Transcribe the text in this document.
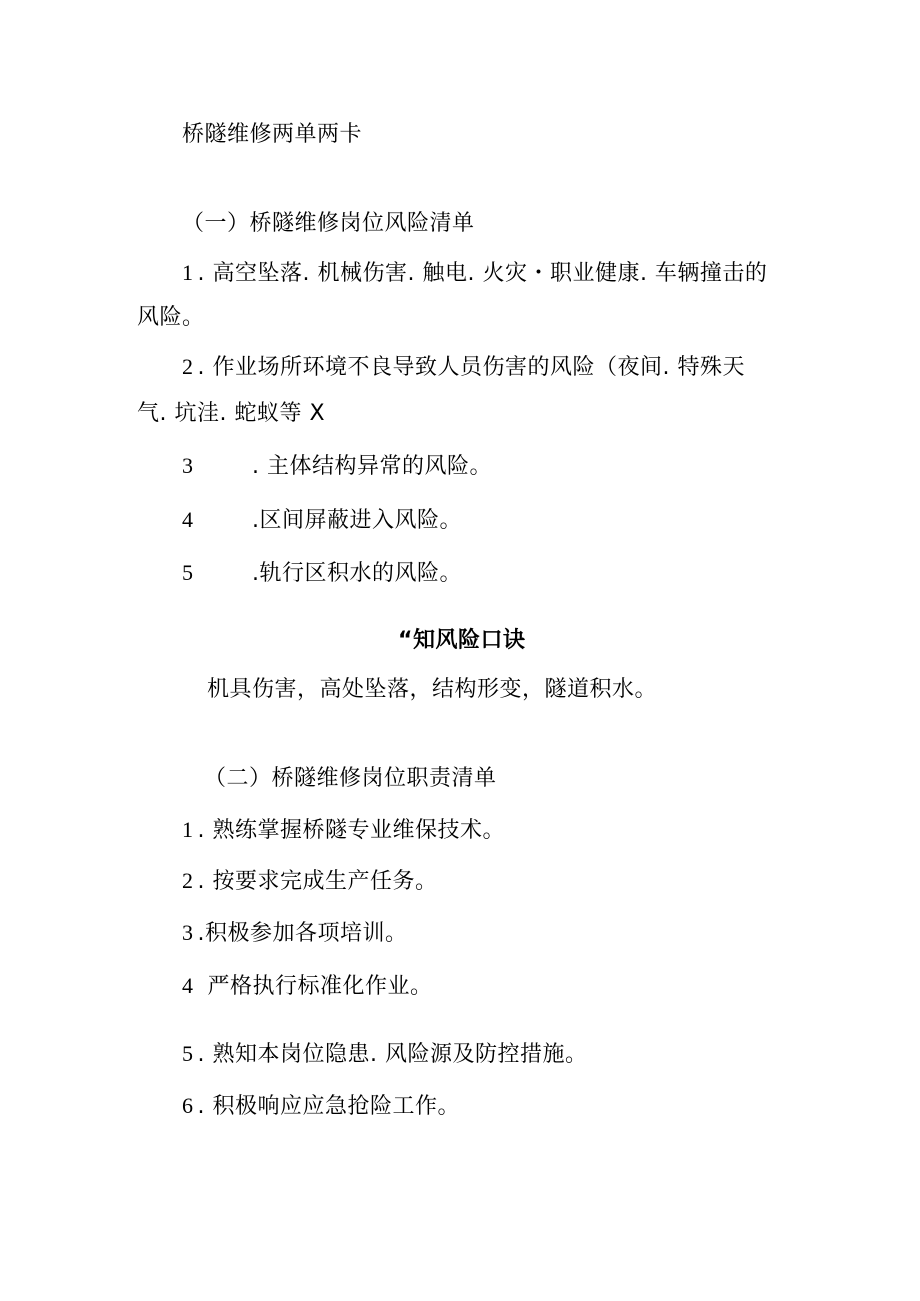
桥隧维修两单两卡
（一）桥隧维修岗位风险清单
1 . 高空坠落. 机械伤害. 触电. 火灾・职业健康. 车辆撞击的
风险。
2 . 作业场所环境不良导致人员伤害的风险（夜间. 特殊天
气. 坑洼. 蛇蚁等 X
3	. 主体结构异常的风险。
4	.区间屏蔽进入风险。
5	.轨行区积水的风险。
“知风险口诀
机具伤害，高处坠落，结构形变，隧道积水。
（二）桥隧维修岗位职责清单
1 . 熟练掌握桥隧专业维保技术。
2 . 按要求完成生产任务。
3 .积极参加各项培训。
4 严格执行标准化作业。
5 . 熟知本岗位隐患. 风险源及防控措施。
6 . 积极响应应急抢险工作。
